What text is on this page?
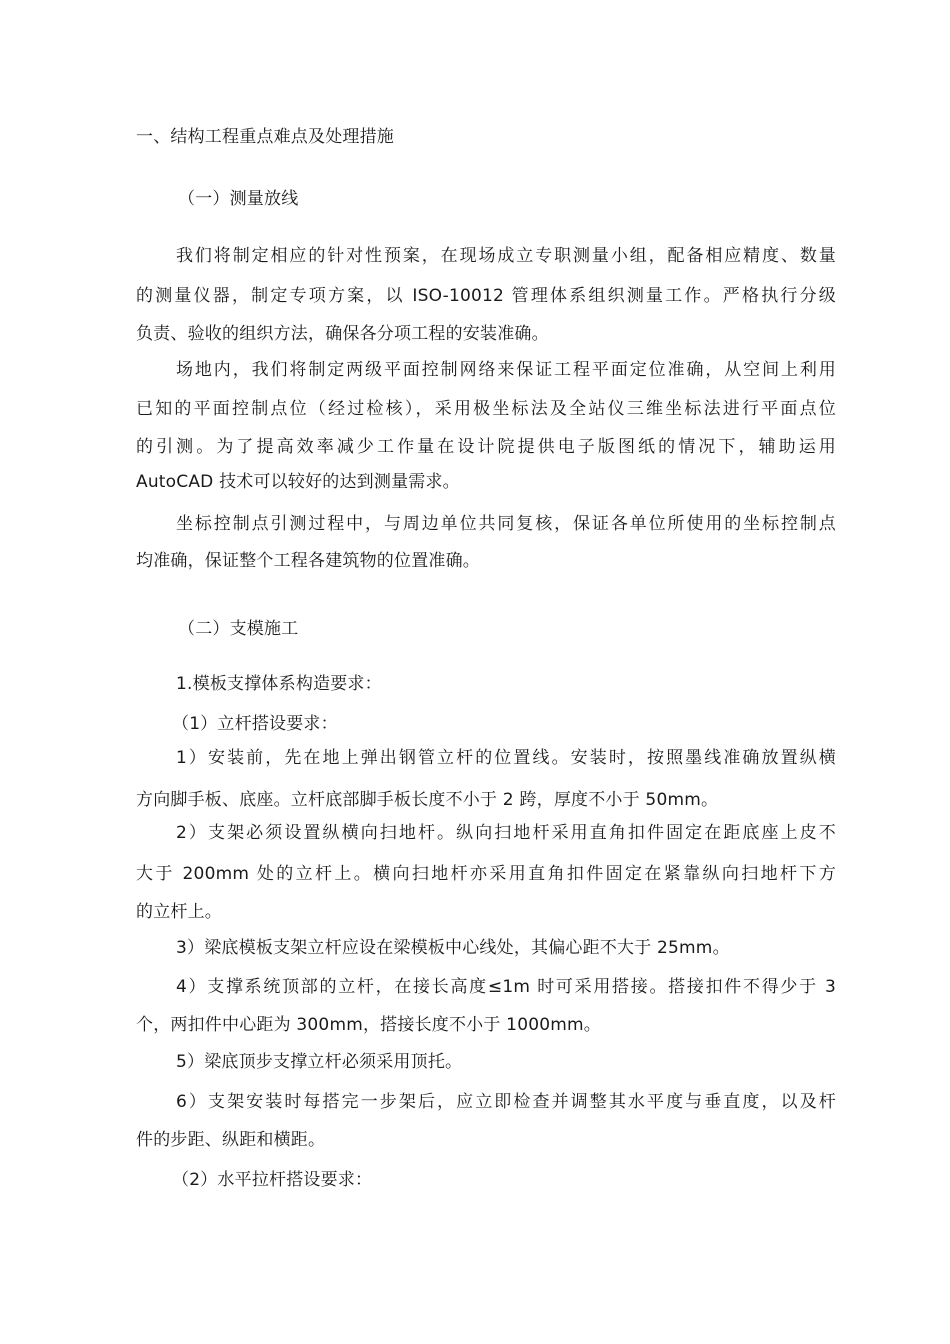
一、结构工程重点难点及处理措施
（一）测量放线
我们将制定相应的针对性预案，在现场成立专职测量小组，配备相应精度、数量
的测量仪器，制定专项方案，以 ISO-10012 管理体系组织测量工作。严格执行分级
负责、验收的组织方法，确保各分项工程的安装准确。
场地内，我们将制定两级平面控制网络来保证工程平面定位准确，从空间上利用
已知的平面控制点位（经过检核），采用极坐标法及全站仪三维坐标法进行平面点位
的引测。为了提高效率减少工作量在设计院提供电子版图纸的情况下，辅助运用
AutoCAD 技术可以较好的达到测量需求。
坐标控制点引测过程中，与周边单位共同复核，保证各单位所使用的坐标控制点
均准确，保证整个工程各建筑物的位置准确。
（二）支模施工
1.模板支撑体系构造要求：
（1）立杆搭设要求：
1）安装前，先在地上弹出钢管立杆的位置线。安装时，按照墨线准确放置纵横
方向脚手板、底座。立杆底部脚手板长度不小于 2 跨，厚度不小于 50mm。
2）支架必须设置纵横向扫地杆。纵向扫地杆采用直角扣件固定在距底座上皮不
大于 200mm 处的立杆上。横向扫地杆亦采用直角扣件固定在紧靠纵向扫地杆下方
的立杆上。
3）梁底模板支架立杆应设在梁模板中心线处，其偏心距不大于 25mm。
4）支撑系统顶部的立杆，在接长高度≤1m 时可采用搭接。搭接扣件不得少于 3
个，两扣件中心距为 300mm，搭接长度不小于 1000mm。
5）梁底顶步支撑立杆必须采用顶托。
6）支架安装时每搭完一步架后，应立即检查并调整其水平度与垂直度，以及杆
件的步距、纵距和横距。
（2）水平拉杆搭设要求：
